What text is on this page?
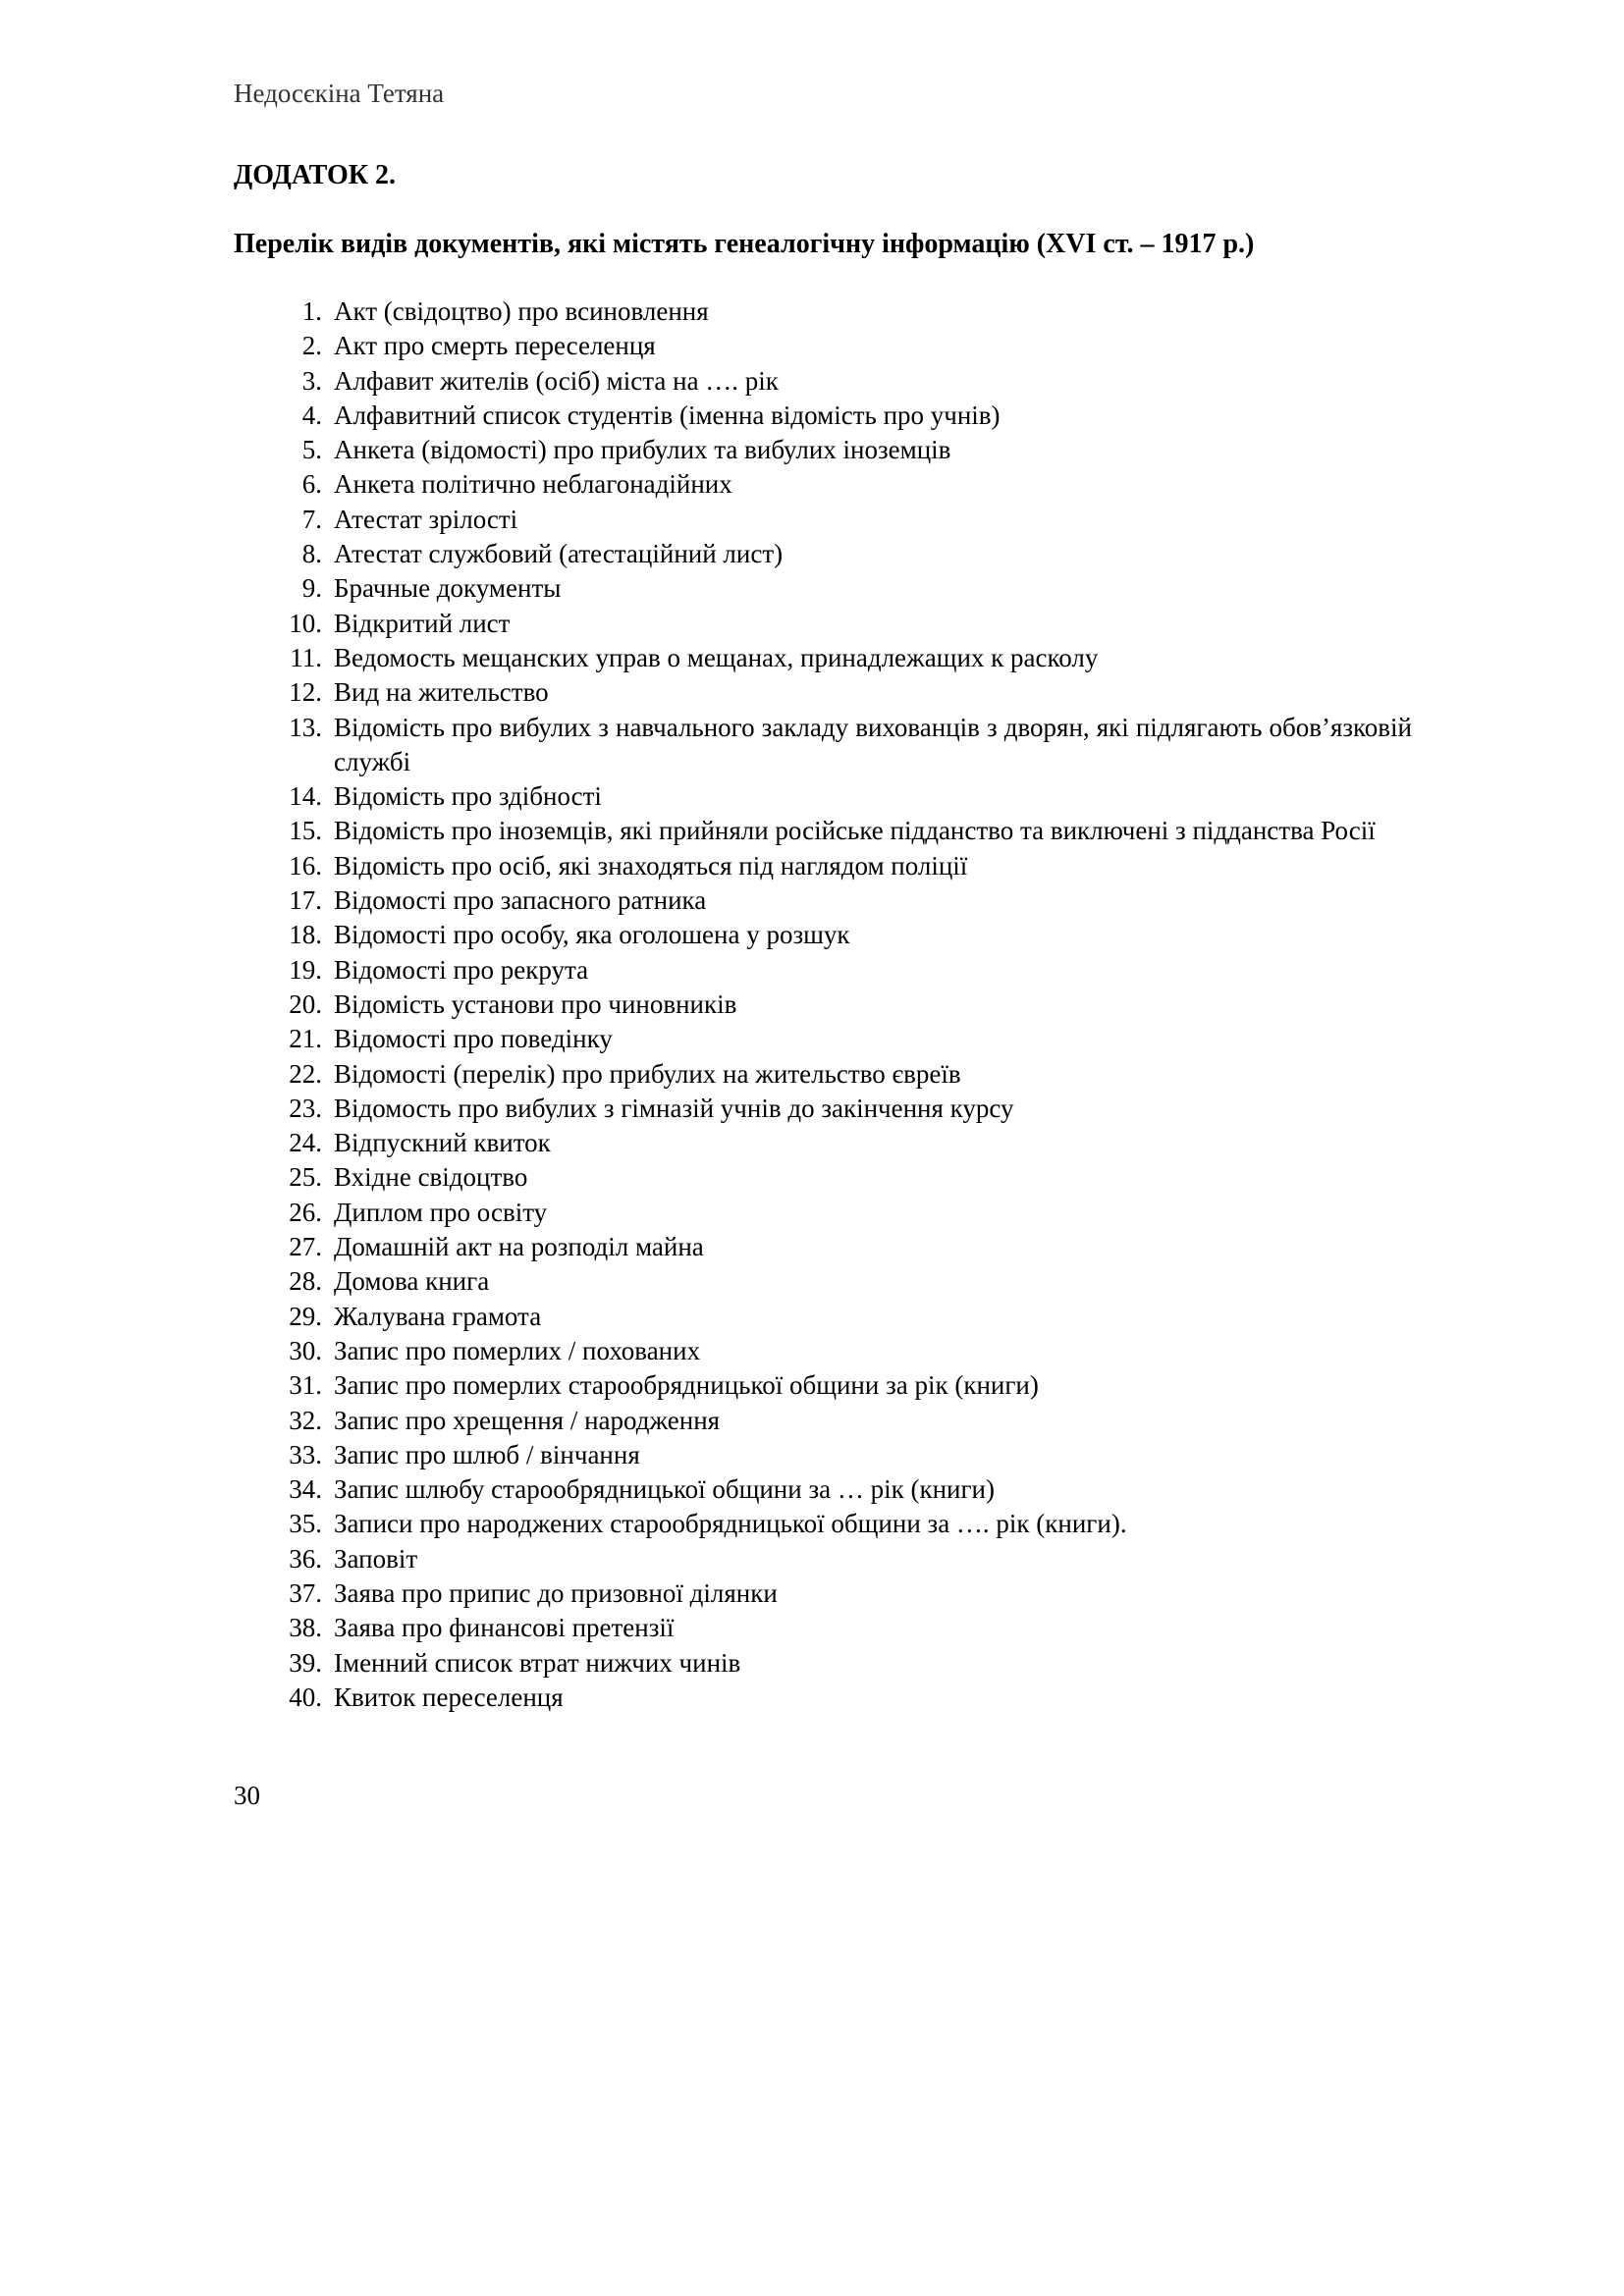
Недосєкіна Тетяна
ДОДАТОК 2.
Перелік видів документів, які містять генеалогічну інформацію (XVI ст. – 1917 р.)
1. Акт (свідоцтво) про всиновлення
2. Акт про смерть переселенця
3. Алфавит жителів (осіб) міста на …. рік
4. Алфавитний список студентів (іменна відомість про учнів)
5. Анкета (відомості) про прибулих та вибулих іноземців
6. Анкета політично неблагонадійних
7. Атестат зрілості
8. Атестат службовий (атестаційний лист)
9. Брачные документы
10. Відкритий лист
11. Ведомость мещанских управ о мещанах, принадлежащих к расколу
12. Вид на жительство
13. Відомість про вибулих з навчального закладу вихованців з дворян, які підлягають обов’язковій службі
14. Відомість про здібності
15. Відомість про іноземців, які прийняли російське підданство та виключені з підданства Росії
16. Відомість про осіб, які знаходяться під наглядом поліції
17. Відомості про запасного ратника
18. Відомості про особу, яка оголошена у розшук
19. Відомості про рекрута
20. Відомість установи про чиновників
21. Відомості про поведінку
22. Відомості (перелік) про прибулих на жительство євреїв
23. Відомость про вибулих з гімназій учнів до закінчення курсу
24. Відпускний квиток
25. Вхідне свідоцтво
26. Диплом про освіту
27. Домашній акт на розподіл майна
28. Домова книга
29. Жалувана грамота
30. Запис про померлих / похованих
31. Запис про померлих старообрядницької общини за рік (книги)
32. Запис про хрещення / народження
33. Запис про шлюб / вінчання
34. Запис шлюбу старообрядницької общини за … рік (книги)
35. Записи про народжених старообрядницької общини за …. рік (книги).
36. Заповіт
37. Заява про припис до призовної ділянки
38. Заява про финансові претензії
39. Іменний список втрат нижчих чинів
40. Квиток переселенця
30
